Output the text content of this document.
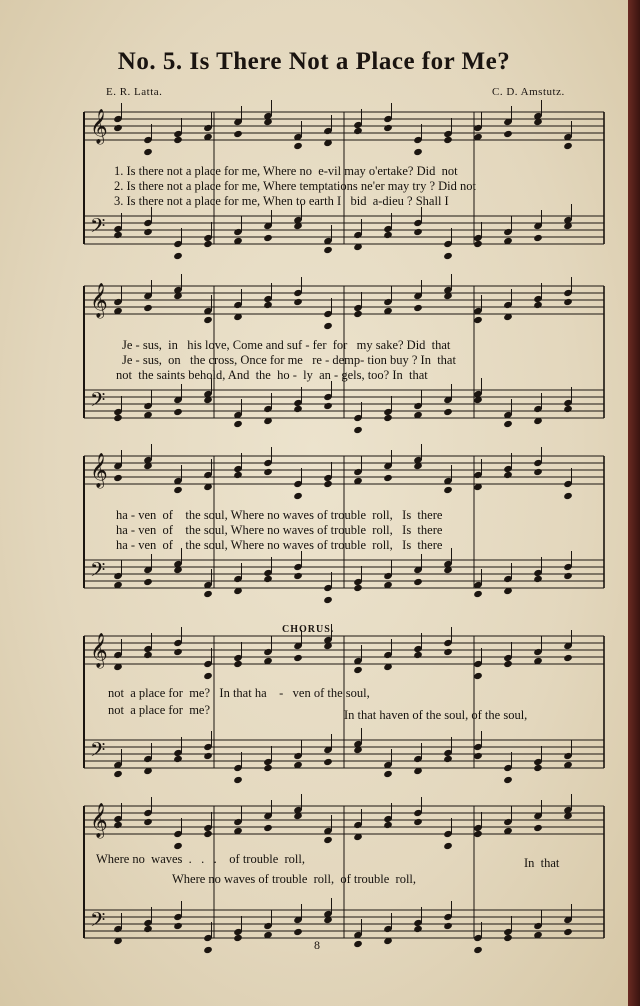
No. 5. Is There Not a Place for Me?
E. R. Latta.	C. D. Amstutz.
𝄞
𝄢
𝄞
𝄢
𝄞
𝄢
𝄞
𝄢
𝄞
𝄢
1. Is there not a place for me, Where no  e-vil may o'ertake? Did  not
2. Is there not a place for me, Where temptations ne'er may try ? Did not
3. Is there not a place for me, When to earth I   bid  a-dieu ? Shall I
Je - sus,  in   his love, Come and suf - fer  for   my sake? Did  that
Je - sus,  on   the cross, Once for me   re - demp- tion buy ? In  that
not  the saints behold, And  the  ho -  ly  an - gels, too? In  that
ha - ven  of    the soul, Where no waves of trouble  roll,   Is  there
ha - ven  of    the soul, Where no waves of trouble  roll,   Is  there
ha - ven  of    the soul, Where no waves of trouble  roll,   Is  there
CHORUS.
not  a place for  me?   In that ha    -   ven of the soul,
not  a place for  me?	In that haven of the soul, of the soul,
Where no  waves  .   .   .    of trouble  roll,	In  that
Where no waves of trouble  roll,  of trouble  roll,
8
